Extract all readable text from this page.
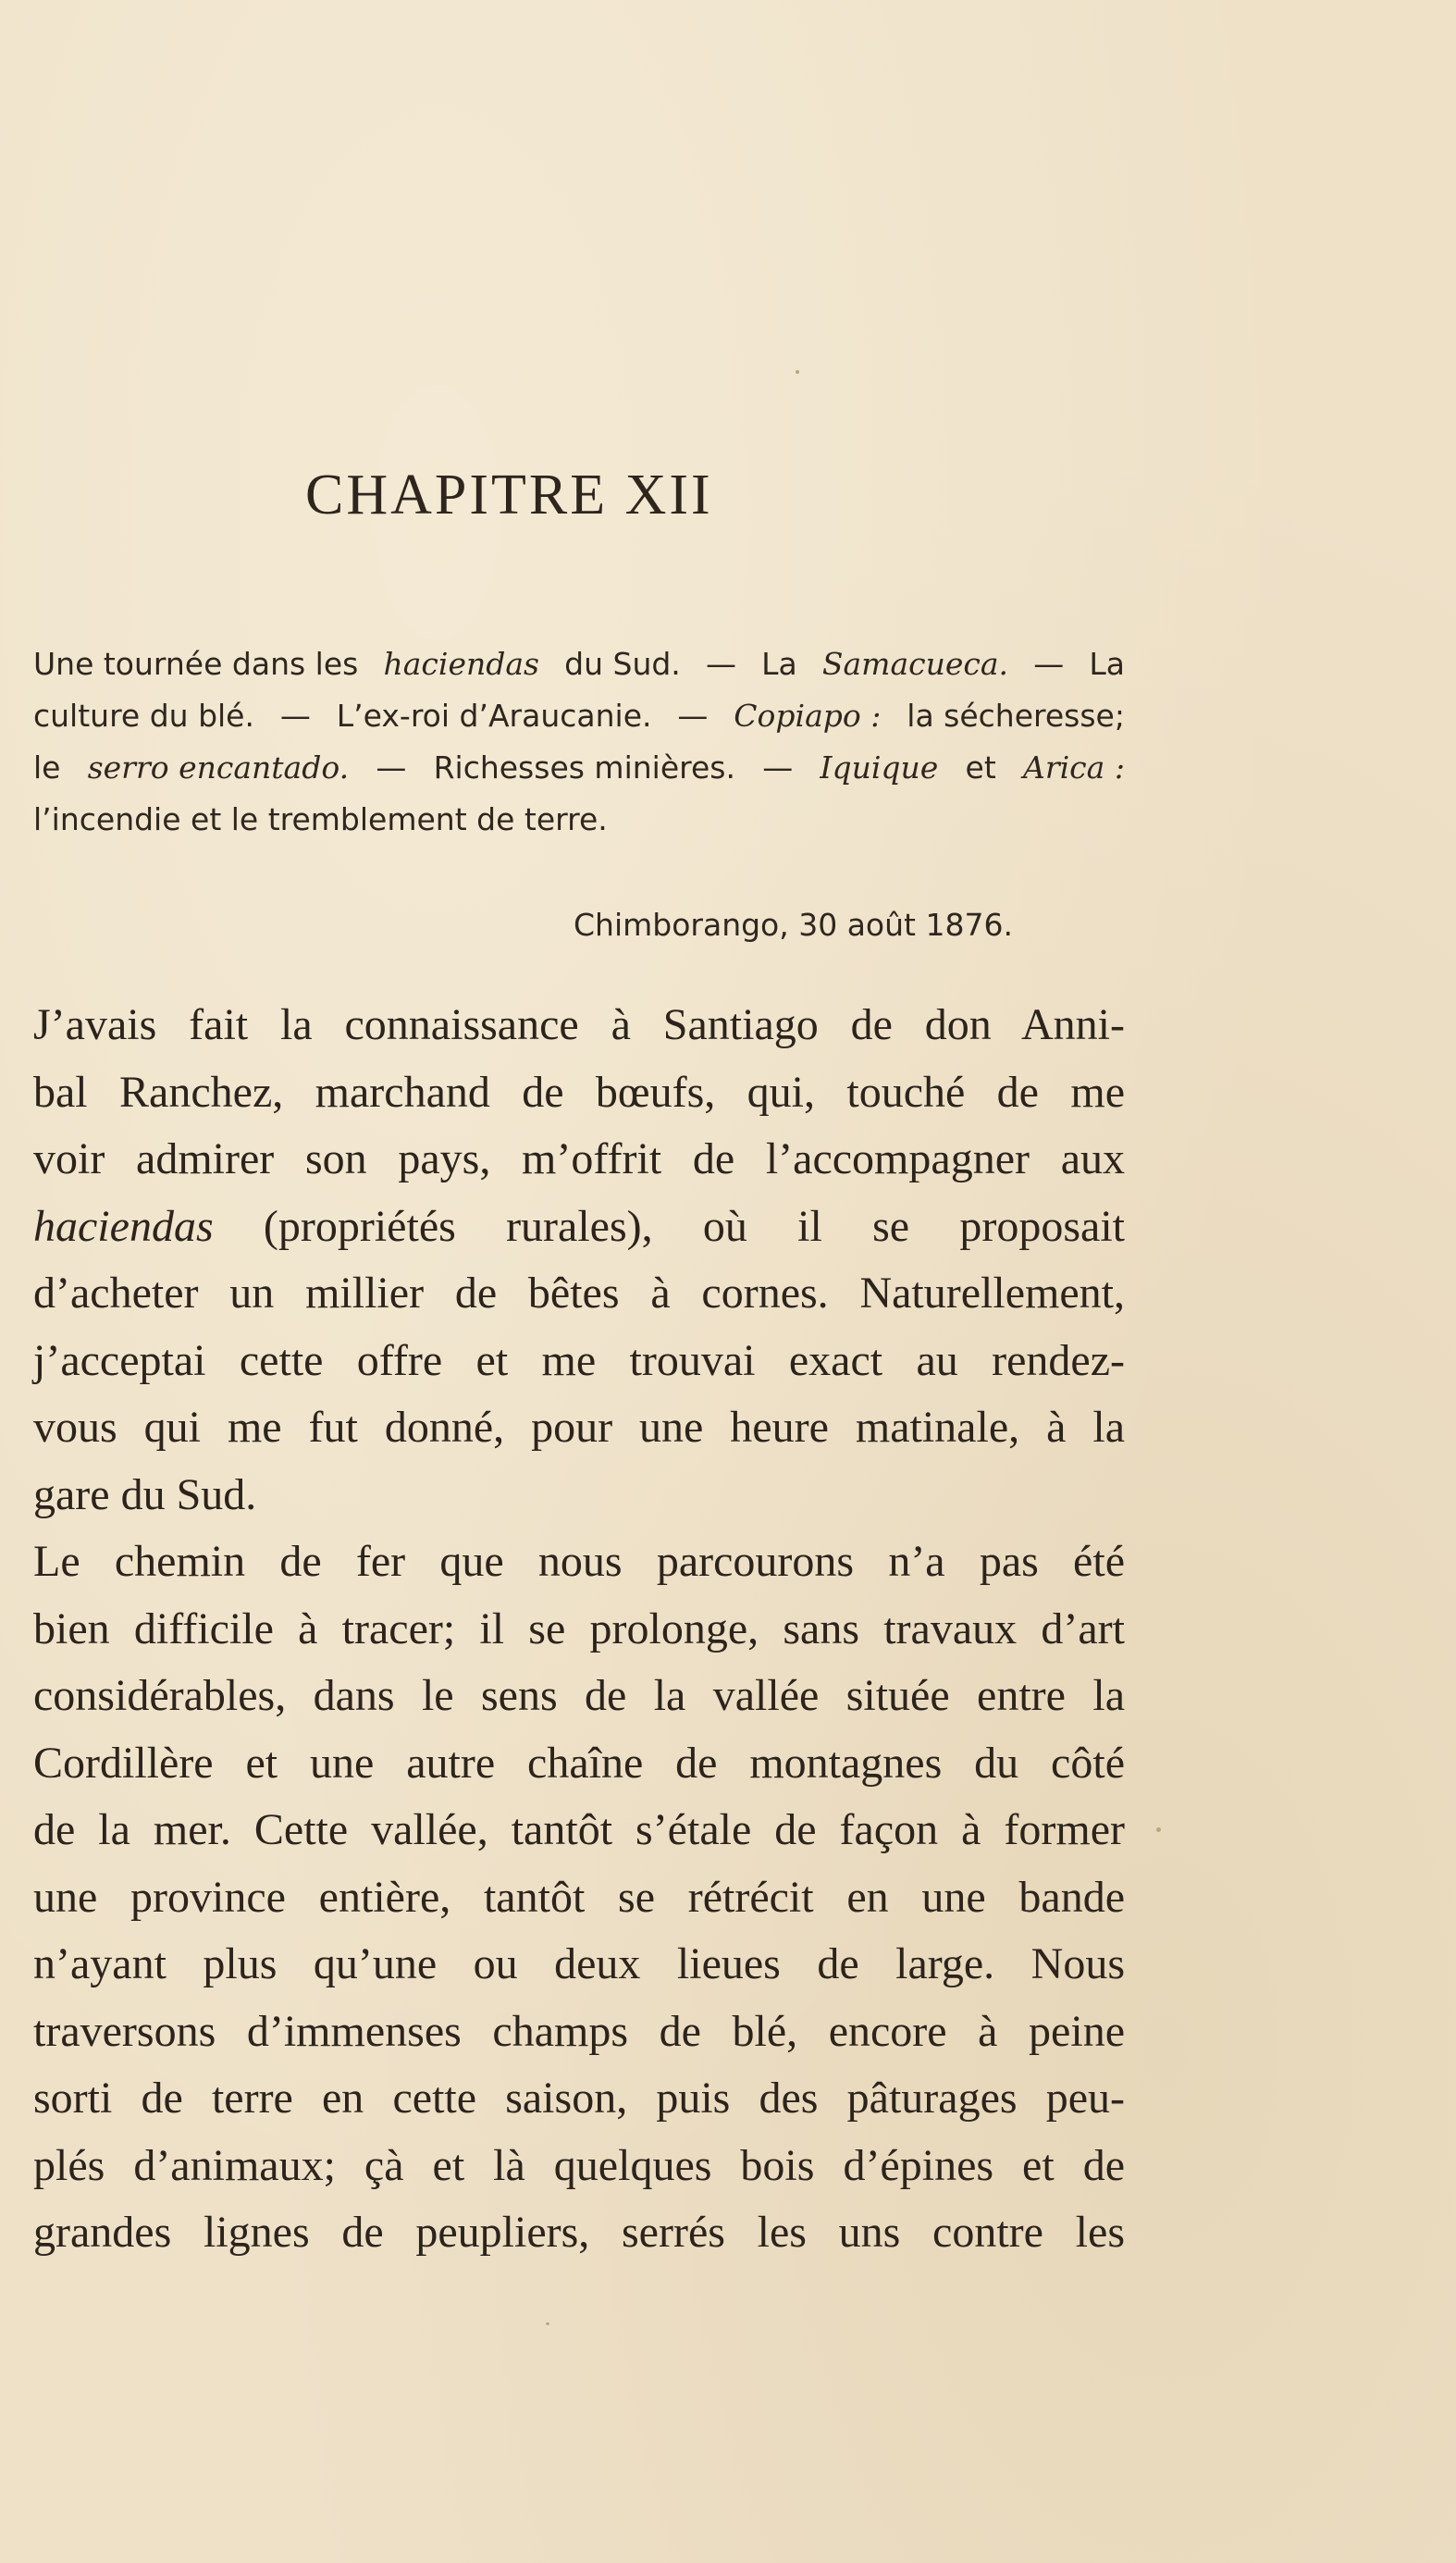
CHAPITRE XII
Une tournée dans les haciendas du Sud. — La Samacueca. — La
culture du blé. — L’ex-roi d’Araucanie. — Copiapo : la sécheresse;
le serro encantado. — Richesses minières. — Iquique et Arica :
l’incendie et le tremblement de terre.
Chimborango, 30 août 1876.
J’avais fait la connaissance à Santiago de don Anni-
bal Ranchez, marchand de bœufs, qui, touché de me
voir admirer son pays, m’offrit de l’accompagner aux
haciendas (propriétés rurales), où il se proposait
d’acheter un millier de bêtes à cornes. Naturellement,
j’acceptai cette offre et me trouvai exact au rendez-
vous qui me fut donné, pour une heure matinale, à la
gare du Sud.
Le chemin de fer que nous parcourons n’a pas été
bien difficile à tracer; il se prolonge, sans travaux d’art
considérables, dans le sens de la vallée située entre la
Cordillère et une autre chaîne de montagnes du côté
de la mer. Cette vallée, tantôt s’étale de façon à former
une province entière, tantôt se rétrécit en une bande
n’ayant plus qu’une ou deux lieues de large. Nous
traversons d’immenses champs de blé, encore à peine
sorti de terre en cette saison, puis des pâturages peu-
plés d’animaux; çà et là quelques bois d’épines et de
grandes lignes de peupliers, serrés les uns contre les
